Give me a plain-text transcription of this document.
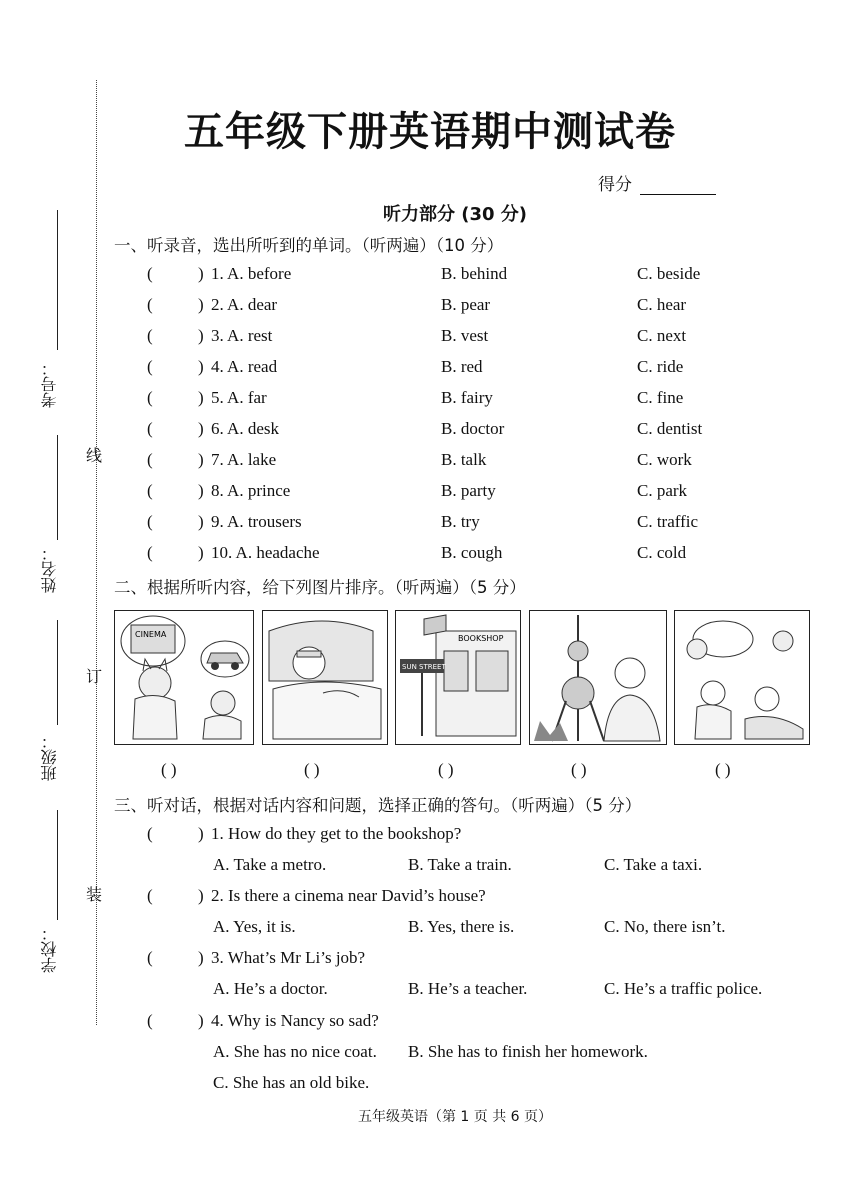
考号：
姓名：
班级：
学校：
线
订
装
五年级下册英语期中测试卷
得分
听力部分 (30 分)
一、听录音，选出所听到的单词。（听两遍）（10 分）
(	) 1. A. before	B. behind	C. beside
(	) 2. A. dear	B. pear	C. hear
(	) 3. A. rest	B. vest	C. next
(	) 4. A. read	B. red	C. ride
(	) 5. A. far	B. fairy	C. fine
(	) 6. A. desk	B. doctor	C. dentist
(	) 7. A. lake	B. talk	C. work
(	) 8. A. prince	B. party	C. park
(	) 9. A. trousers	B. try	C. traffic
(	) 10. A. headache	B. cough	C. cold
二、根据所听内容，给下列图片排序。（听两遍）（5 分）
CINEMA	BOOKSHOP
SUN STREET
( )	( )	( )	( )	( )
三、听对话，根据对话内容和问题，选择正确的答句。（听两遍）（5 分）
(	) 1. How do they get to the bookshop?
A. Take a metro.	B. Take a train.	C. Take a taxi.
(	) 2. Is there a cinema near David’s house?
A. Yes, it is.	B. Yes, there is.	C. No, there isn’t.
(	) 3. What’s Mr Li’s job?
A. He’s a doctor.	B. He’s a teacher.	C. He’s a traffic police.
(	) 4. Why is Nancy so sad?
A. She has no nice coat. B. She has to finish her homework.
C. She has an old bike.
五年级英语（第 1 页 共 6 页）
